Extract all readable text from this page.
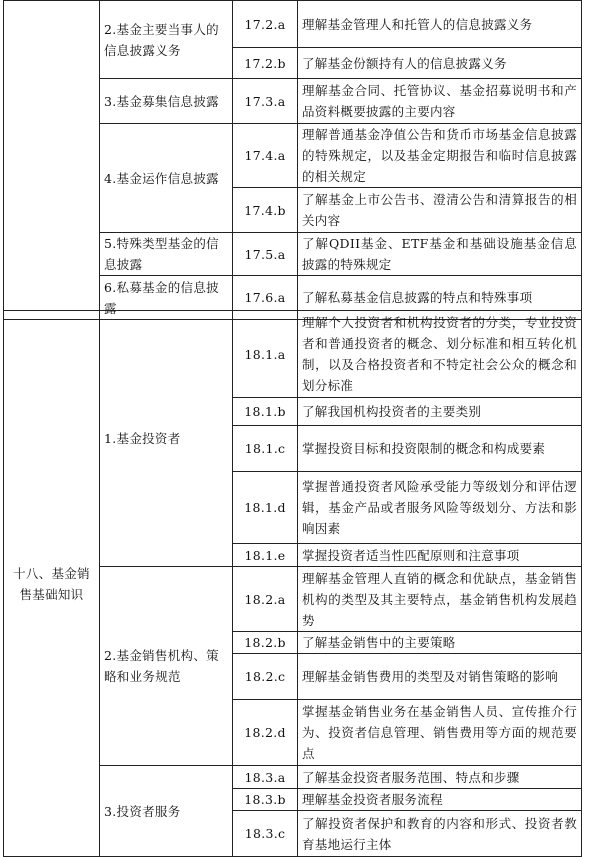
	2.基金主要当事人的信息披露义务	17.2.a	理解基金管理人和托管人的信息披露义务
		17.2.b	了解基金份额持有人的信息披露义务
	3.基金募集信息披露	17.3.a	理解基金合同、托管协议、基金招募说明书和产品资料概要披露的主要内容
	4.基金运作信息披露	17.4.a	理解普通基金净值公告和货币市场基金信息披露的特殊规定，以及基金定期报告和临时信息披露的相关规定
		17.4.b	了解基金上市公告书、澄清公告和清算报告的相关内容
	5.特殊类型基金的信息披露	17.5.a	了解QDII基金、ETF基金和基础设施基金信息披露的特殊规定
	6.私募基金的信息披露	17.6.a	了解私募基金信息披露的特点和特殊事项
十八、基金销售基础知识	1.基金投资者	18.1.a	理解个人投资者和机构投资者的分类，专业投资者和普通投资者的概念、划分标准和相互转化机制，以及合格投资者和不特定社会公众的概念和划分标准
		18.1.b	了解我国机构投资者的主要类别
		18.1.c	掌握投资目标和投资限制的概念和构成要素
		18.1.d	掌握普通投资者风险承受能力等级划分和评估逻辑，基金产品或者服务风险等级划分、方法和影响因素
		18.1.e	掌握投资者适当性匹配原则和注意事项
	2.基金销售机构、策略和业务规范	18.2.a	理解基金管理人直销的概念和优缺点，基金销售机构的类型及其主要特点，基金销售机构发展趋势
		18.2.b	了解基金销售中的主要策略
		18.2.c	理解基金销售费用的类型及对销售策略的影响
		18.2.d	掌握基金销售业务在基金销售人员、宣传推介行为、投资者信息管理、销售费用等方面的规范要点
	3.投资者服务	18.3.a	了解基金投资者服务范围、特点和步骤
		18.3.b	理解基金投资者服务流程
		18.3.c	了解投资者保护和教育的内容和形式、投资者教育基地运行主体
